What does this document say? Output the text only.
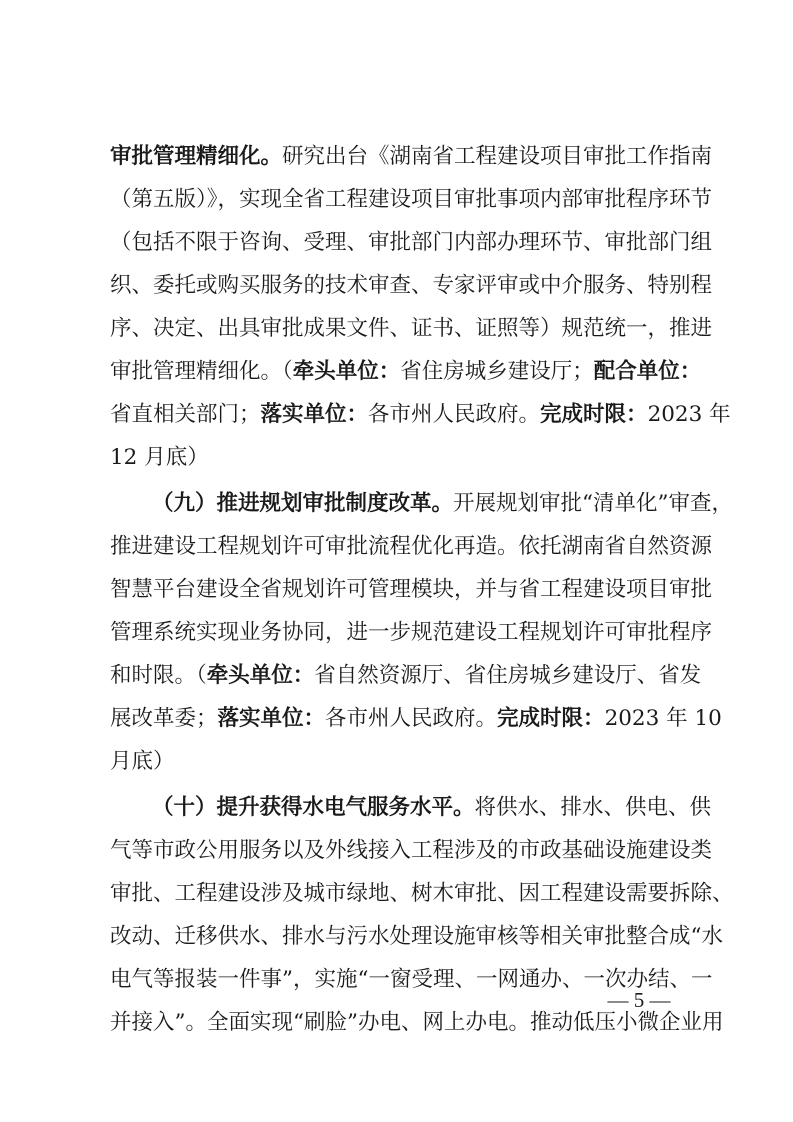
审批管理精细化。研究出台《湖南省工程建设项目审批工作指南
（第五版）》，实现全省工程建设项目审批事项内部审批程序环节
（包括不限于咨询、受理、审批部门内部办理环节、审批部门组
织、委托或购买服务的技术审查、专家评审或中介服务、特别程
序、决定、出具审批成果文件、证书、证照等）规范统一，推进
审批管理精细化。（牵头单位：省住房城乡建设厅；配合单位：
省直相关部门；落实单位：各市州人民政府。完成时限：2023 年
12 月底）
（九）推进规划审批制度改革。开展规划审批“清单化”审查，
推进建设工程规划许可审批流程优化再造。依托湖南省自然资源
智慧平台建设全省规划许可管理模块，并与省工程建设项目审批
管理系统实现业务协同，进一步规范建设工程规划许可审批程序
和时限。（牵头单位：省自然资源厅、省住房城乡建设厅、省发
展改革委；落实单位：各市州人民政府。完成时限：2023 年 10
月底）
（十）提升获得水电气服务水平。将供水、排水、供电、供
气等市政公用服务以及外线接入工程涉及的市政基础设施建设类
审批、工程建设涉及城市绿地、树木审批、因工程建设需要拆除、
改动、迁移供水、排水与污水处理设施审核等相关审批整合成“水
电气等报装一件事”，实施“一窗受理、一网通办、一次办结、一
并接入”。全面实现“刷脸”办电、网上办电。推动低压小微企业用
— 5 —
